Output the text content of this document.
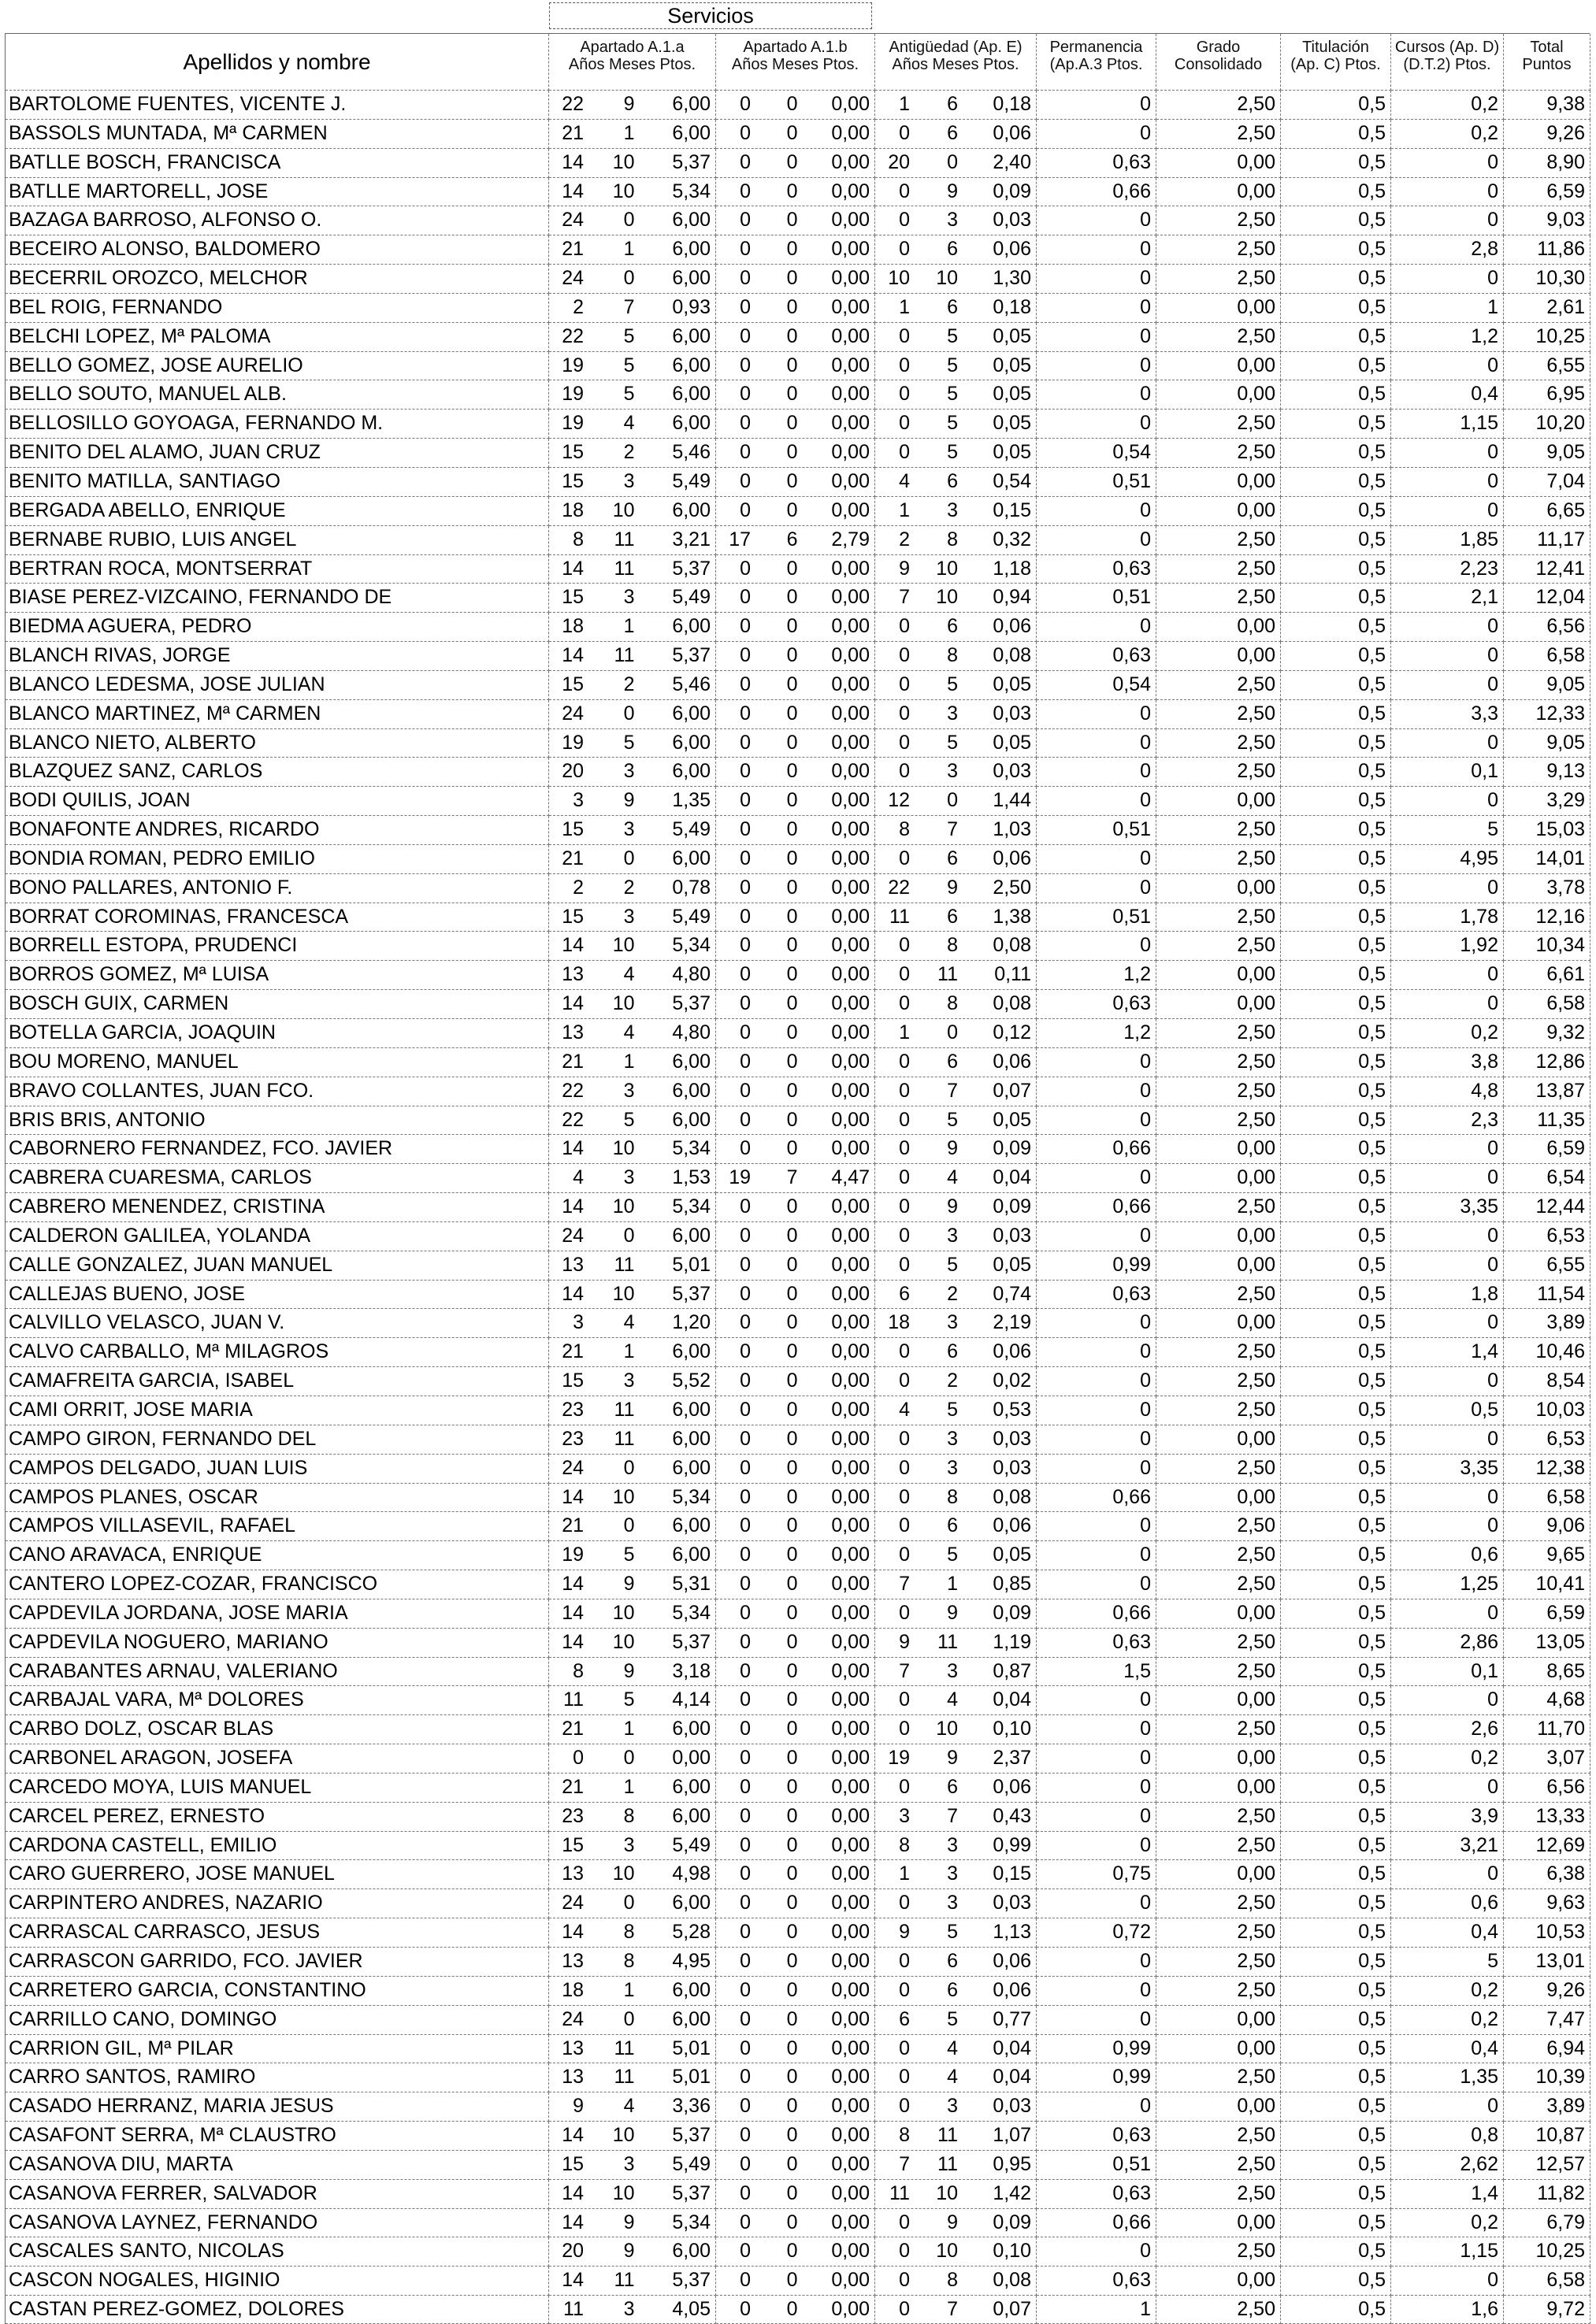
Servicios
Apellidos y nombre
Apartado A.1.a
Años Meses Ptos.
Apartado A.1.b
Años Meses Ptos.
Antigüedad (Ap. E)
Años Meses Ptos.
Permanencia
(Ap.A.3 Ptos.
Grado
Consolidado
Titulación
(Ap. C) Ptos.
Cursos (Ap. D)
(D.T.2) Ptos.
Total
Puntos
BARTOLOME FUENTES, VICENTE J.	22	9	6,00	0	0	0,00	1	6	0,18	0	2,50	0,5	0,2	9,38
BASSOLS MUNTADA, Mª CARMEN	21	1	6,00	0	0	0,00	0	6	0,06	0	2,50	0,5	0,2	9,26
BATLLE BOSCH, FRANCISCA	14	10	5,37	0	0	0,00 20	0	2,40	0,63	0,00	0,5	0	8,90
BATLLE MARTORELL, JOSE	14	10	5,34	0	0	0,00	0	9	0,09	0,66	0,00	0,5	0	6,59
BAZAGA BARROSO, ALFONSO O.	24	0	6,00	0	0	0,00	0	3	0,03	0	2,50	0,5	0	9,03
BECEIRO ALONSO, BALDOMERO	21	1	6,00	0	0	0,00	0	6	0,06	0	2,50	0,5	2,8	11,86
BECERRIL OROZCO, MELCHOR	24	0	6,00	0	0	0,00 10	10	1,30	0	2,50	0,5	0	10,30
BEL ROIG, FERNANDO	2	7	0,93	0	0	0,00	1	6	0,18	0	0,00	0,5	1	2,61
BELCHI LOPEZ, Mª PALOMA	22	5	6,00	0	0	0,00	0	5	0,05	0	2,50	0,5	1,2	10,25
BELLO GOMEZ, JOSE AURELIO	19	5	6,00	0	0	0,00	0	5	0,05	0	0,00	0,5	0	6,55
BELLO SOUTO, MANUEL ALB.	19	5	6,00	0	0	0,00	0	5	0,05	0	0,00	0,5	0,4	6,95
BELLOSILLO GOYOAGA, FERNANDO M.	19	4	6,00	0	0	0,00	0	5	0,05	0	2,50	0,5	1,15	10,20
BENITO DEL ALAMO, JUAN CRUZ	15	2	5,46	0	0	0,00	0	5	0,05	0,54	2,50	0,5	0	9,05
BENITO MATILLA, SANTIAGO	15	3	5,49	0	0	0,00	4	6	0,54	0,51	0,00	0,5	0	7,04
BERGADA ABELLO, ENRIQUE	18	10	6,00	0	0	0,00	1	3	0,15	0	0,00	0,5	0	6,65
BERNABE RUBIO, LUIS ANGEL	8	11	3,21 17	6	2,79	2	8	0,32	0	2,50	0,5	1,85	11,17
BERTRAN ROCA, MONTSERRAT	14	11	5,37	0	0	0,00	9	10	1,18	0,63	2,50	0,5	2,23	12,41
BIASE PEREZ-VIZCAINO, FERNANDO DE	15	3	5,49	0	0	0,00	7	10	0,94	0,51	2,50	0,5	2,1	12,04
BIEDMA AGUERA, PEDRO	18	1	6,00	0	0	0,00	0	6	0,06	0	0,00	0,5	0	6,56
BLANCH RIVAS, JORGE	14	11	5,37	0	0	0,00	0	8	0,08	0,63	0,00	0,5	0	6,58
BLANCO LEDESMA, JOSE JULIAN	15	2	5,46	0	0	0,00	0	5	0,05	0,54	2,50	0,5	0	9,05
BLANCO MARTINEZ, Mª CARMEN	24	0	6,00	0	0	0,00	0	3	0,03	0	2,50	0,5	3,3	12,33
BLANCO NIETO, ALBERTO	19	5	6,00	0	0	0,00	0	5	0,05	0	2,50	0,5	0	9,05
BLAZQUEZ SANZ, CARLOS	20	3	6,00	0	0	0,00	0	3	0,03	0	2,50	0,5	0,1	9,13
BODI QUILIS, JOAN	3	9	1,35	0	0	0,00 12	0	1,44	0	0,00	0,5	0	3,29
BONAFONTE ANDRES, RICARDO	15	3	5,49	0	0	0,00	8	7	1,03	0,51	2,50	0,5	5	15,03
BONDIA ROMAN, PEDRO EMILIO	21	0	6,00	0	0	0,00	0	6	0,06	0	2,50	0,5	4,95	14,01
BONO PALLARES, ANTONIO F.	2	2	0,78	0	0	0,00 22	9	2,50	0	0,00	0,5	0	3,78
BORRAT COROMINAS, FRANCESCA	15	3	5,49	0	0	0,00	11	6	1,38	0,51	2,50	0,5	1,78	12,16
BORRELL ESTOPA, PRUDENCI	14	10	5,34	0	0	0,00	0	8	0,08	0	2,50	0,5	1,92	10,34
BORROS GOMEZ, Mª LUISA	13	4	4,80	0	0	0,00	0	11	0,11	1,2	0,00	0,5	0	6,61
BOSCH GUIX, CARMEN	14	10	5,37	0	0	0,00	0	8	0,08	0,63	0,00	0,5	0	6,58
BOTELLA GARCIA, JOAQUIN	13	4	4,80	0	0	0,00	1	0	0,12	1,2	2,50	0,5	0,2	9,32
BOU MORENO, MANUEL	21	1	6,00	0	0	0,00	0	6	0,06	0	2,50	0,5	3,8	12,86
BRAVO COLLANTES, JUAN FCO.	22	3	6,00	0	0	0,00	0	7	0,07	0	2,50	0,5	4,8	13,87
BRIS BRIS, ANTONIO	22	5	6,00	0	0	0,00	0	5	0,05	0	2,50	0,5	2,3	11,35
CABORNERO FERNANDEZ, FCO. JAVIER	14	10	5,34	0	0	0,00	0	9	0,09	0,66	0,00	0,5	0	6,59
CABRERA CUARESMA, CARLOS	4	3	1,53 19	7	4,47	0	4	0,04	0	0,00	0,5	0	6,54
CABRERO MENENDEZ, CRISTINA	14	10	5,34	0	0	0,00	0	9	0,09	0,66	2,50	0,5	3,35	12,44
CALDERON GALILEA, YOLANDA	24	0	6,00	0	0	0,00	0	3	0,03	0	0,00	0,5	0	6,53
CALLE GONZALEZ, JUAN MANUEL	13	11	5,01	0	0	0,00	0	5	0,05	0,99	0,00	0,5	0	6,55
CALLEJAS BUENO, JOSE	14	10	5,37	0	0	0,00	6	2	0,74	0,63	2,50	0,5	1,8	11,54
CALVILLO VELASCO, JUAN V.	3	4	1,20	0	0	0,00 18	3	2,19	0	0,00	0,5	0	3,89
CALVO CARBALLO, Mª MILAGROS	21	1	6,00	0	0	0,00	0	6	0,06	0	2,50	0,5	1,4	10,46
CAMAFREITA GARCIA, ISABEL	15	3	5,52	0	0	0,00	0	2	0,02	0	2,50	0,5	0	8,54
CAMI ORRIT, JOSE MARIA	23	11	6,00	0	0	0,00	4	5	0,53	0	2,50	0,5	0,5	10,03
CAMPO GIRON, FERNANDO DEL	23	11	6,00	0	0	0,00	0	3	0,03	0	0,00	0,5	0	6,53
CAMPOS DELGADO, JUAN LUIS	24	0	6,00	0	0	0,00	0	3	0,03	0	2,50	0,5	3,35	12,38
CAMPOS PLANES, OSCAR	14	10	5,34	0	0	0,00	0	8	0,08	0,66	0,00	0,5	0	6,58
CAMPOS VILLASEVIL, RAFAEL	21	0	6,00	0	0	0,00	0	6	0,06	0	2,50	0,5	0	9,06
CANO ARAVACA, ENRIQUE	19	5	6,00	0	0	0,00	0	5	0,05	0	2,50	0,5	0,6	9,65
CANTERO LOPEZ-COZAR, FRANCISCO	14	9	5,31	0	0	0,00	7	1	0,85	0	2,50	0,5	1,25	10,41
CAPDEVILA JORDANA, JOSE MARIA	14	10	5,34	0	0	0,00	0	9	0,09	0,66	0,00	0,5	0	6,59
CAPDEVILA NOGUERO, MARIANO	14	10	5,37	0	0	0,00	9	11	1,19	0,63	2,50	0,5	2,86	13,05
CARABANTES ARNAU, VALERIANO	8	9	3,18	0	0	0,00	7	3	0,87	1,5	2,50	0,5	0,1	8,65
CARBAJAL VARA, Mª DOLORES	11	5	4,14	0	0	0,00	0	4	0,04	0	0,00	0,5	0	4,68
CARBO DOLZ, OSCAR BLAS	21	1	6,00	0	0	0,00	0	10	0,10	0	2,50	0,5	2,6	11,70
CARBONEL ARAGON, JOSEFA	0	0	0,00	0	0	0,00 19	9	2,37	0	0,00	0,5	0,2	3,07
CARCEDO MOYA, LUIS MANUEL	21	1	6,00	0	0	0,00	0	6	0,06	0	0,00	0,5	0	6,56
CARCEL PEREZ, ERNESTO	23	8	6,00	0	0	0,00	3	7	0,43	0	2,50	0,5	3,9	13,33
CARDONA CASTELL, EMILIO	15	3	5,49	0	0	0,00	8	3	0,99	0	2,50	0,5	3,21	12,69
CARO GUERRERO, JOSE MANUEL	13	10	4,98	0	0	0,00	1	3	0,15	0,75	0,00	0,5	0	6,38
CARPINTERO ANDRES, NAZARIO	24	0	6,00	0	0	0,00	0	3	0,03	0	2,50	0,5	0,6	9,63
CARRASCAL CARRASCO, JESUS	14	8	5,28	0	0	0,00	9	5	1,13	0,72	2,50	0,5	0,4	10,53
CARRASCON GARRIDO, FCO. JAVIER	13	8	4,95	0	0	0,00	0	6	0,06	0	2,50	0,5	5	13,01
CARRETERO GARCIA, CONSTANTINO	18	1	6,00	0	0	0,00	0	6	0,06	0	2,50	0,5	0,2	9,26
CARRILLO CANO, DOMINGO	24	0	6,00	0	0	0,00	6	5	0,77	0	0,00	0,5	0,2	7,47
CARRION GIL, Mª PILAR	13	11	5,01	0	0	0,00	0	4	0,04	0,99	0,00	0,5	0,4	6,94
CARRO SANTOS, RAMIRO	13	11	5,01	0	0	0,00	0	4	0,04	0,99	2,50	0,5	1,35	10,39
CASADO HERRANZ, MARIA JESUS	9	4	3,36	0	0	0,00	0	3	0,03	0	0,00	0,5	0	3,89
CASAFONT SERRA, Mª CLAUSTRO	14	10	5,37	0	0	0,00	8	11	1,07	0,63	2,50	0,5	0,8	10,87
CASANOVA DIU, MARTA	15	3	5,49	0	0	0,00	7	11	0,95	0,51	2,50	0,5	2,62	12,57
CASANOVA FERRER, SALVADOR	14	10	5,37	0	0	0,00	11	10	1,42	0,63	2,50	0,5	1,4	11,82
CASANOVA LAYNEZ, FERNANDO	14	9	5,34	0	0	0,00	0	9	0,09	0,66	0,00	0,5	0,2	6,79
CASCALES SANTO, NICOLAS	20	9	6,00	0	0	0,00	0	10	0,10	0	2,50	0,5	1,15	10,25
CASCON NOGALES, HIGINIO	14	11	5,37	0	0	0,00	0	8	0,08	0,63	0,00	0,5	0	6,58
CASTAN PEREZ-GOMEZ, DOLORES	11	3	4,05	0	0	0,00	0	7	0,07	1	2,50	0,5	1,6	9,72
